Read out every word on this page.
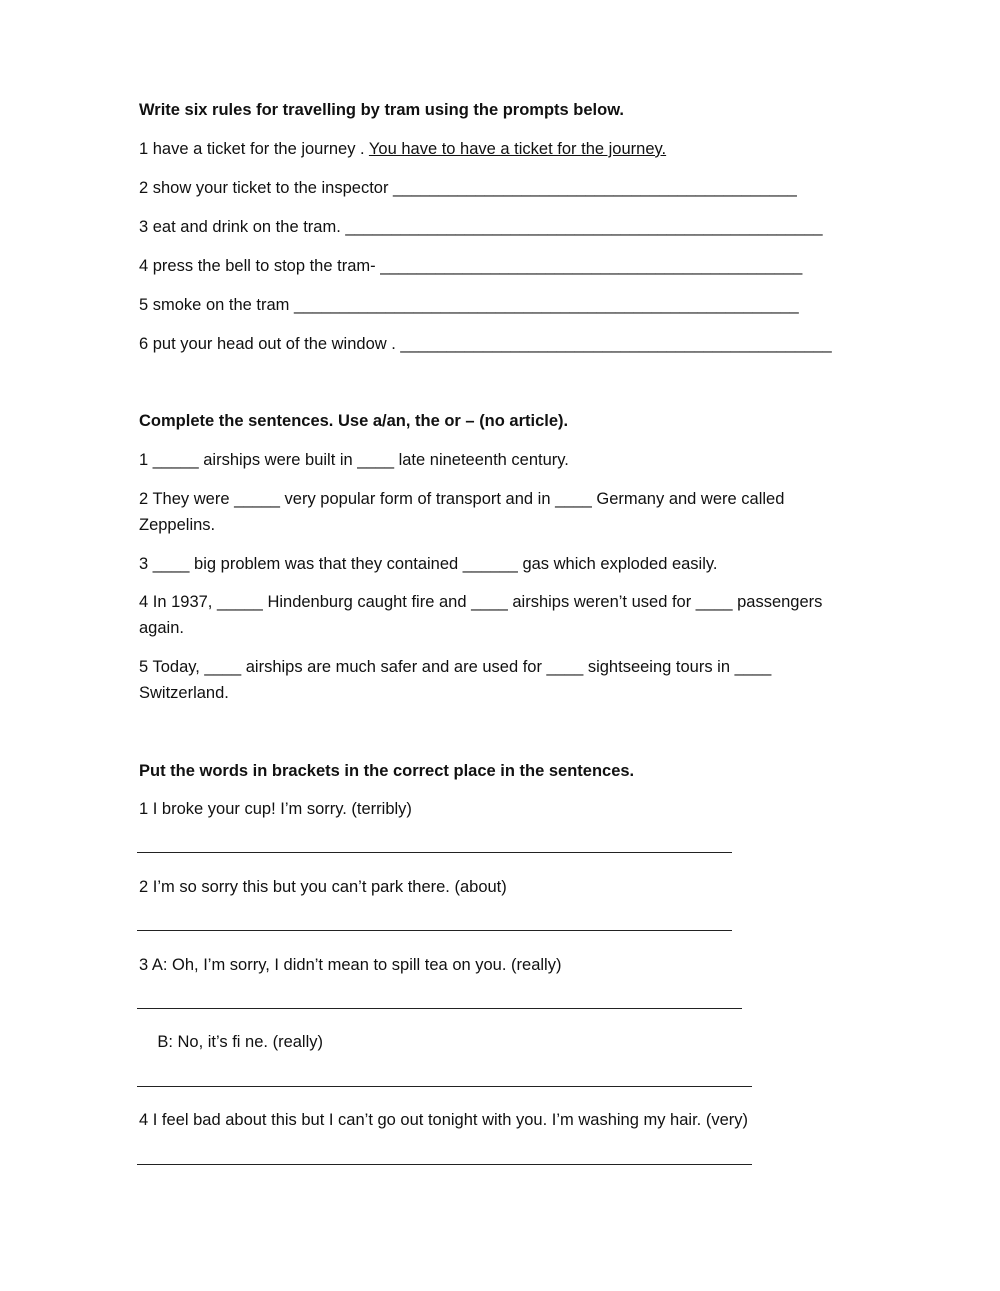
Write six rules for travelling by tram using the prompts below.
1 have a ticket for the journey . You have to have a ticket for the journey.
2 show your ticket to the inspector ____________________________________________
3 eat and drink on the tram. ____________________________________________________
4 press the bell to stop the tram- ______________________________________________
5 smoke on the tram _______________________________________________________
6 put your head out of the window . _______________________________________________
Complete the sentences. Use a/an, the or – (no article).
1 _____ airships were built in ____ late nineteenth century.
2 They were _____ very popular form of transport and in ____ Germany and were called Zeppelins.
3 ____ big problem was that they contained ______ gas which exploded easily.
4 In 1937, _____ Hindenburg caught fire and ____ airships weren’t used for ____ passengers again.
5 Today, ____ airships are much safer and are used for ____ sightseeing tours in ____ Switzerland.
Put the words in brackets in the correct place in the sentences.
1 I broke your cup! I’m sorry. (terribly)
2 I’m so sorry this but you can’t park there. (about)
3 A: Oh, I’m sorry, I didn’t mean to spill tea on you. (really)
B: No, it’s fi ne. (really)
4 I feel bad about this but I can’t go out tonight with you. I’m washing my hair. (very)
